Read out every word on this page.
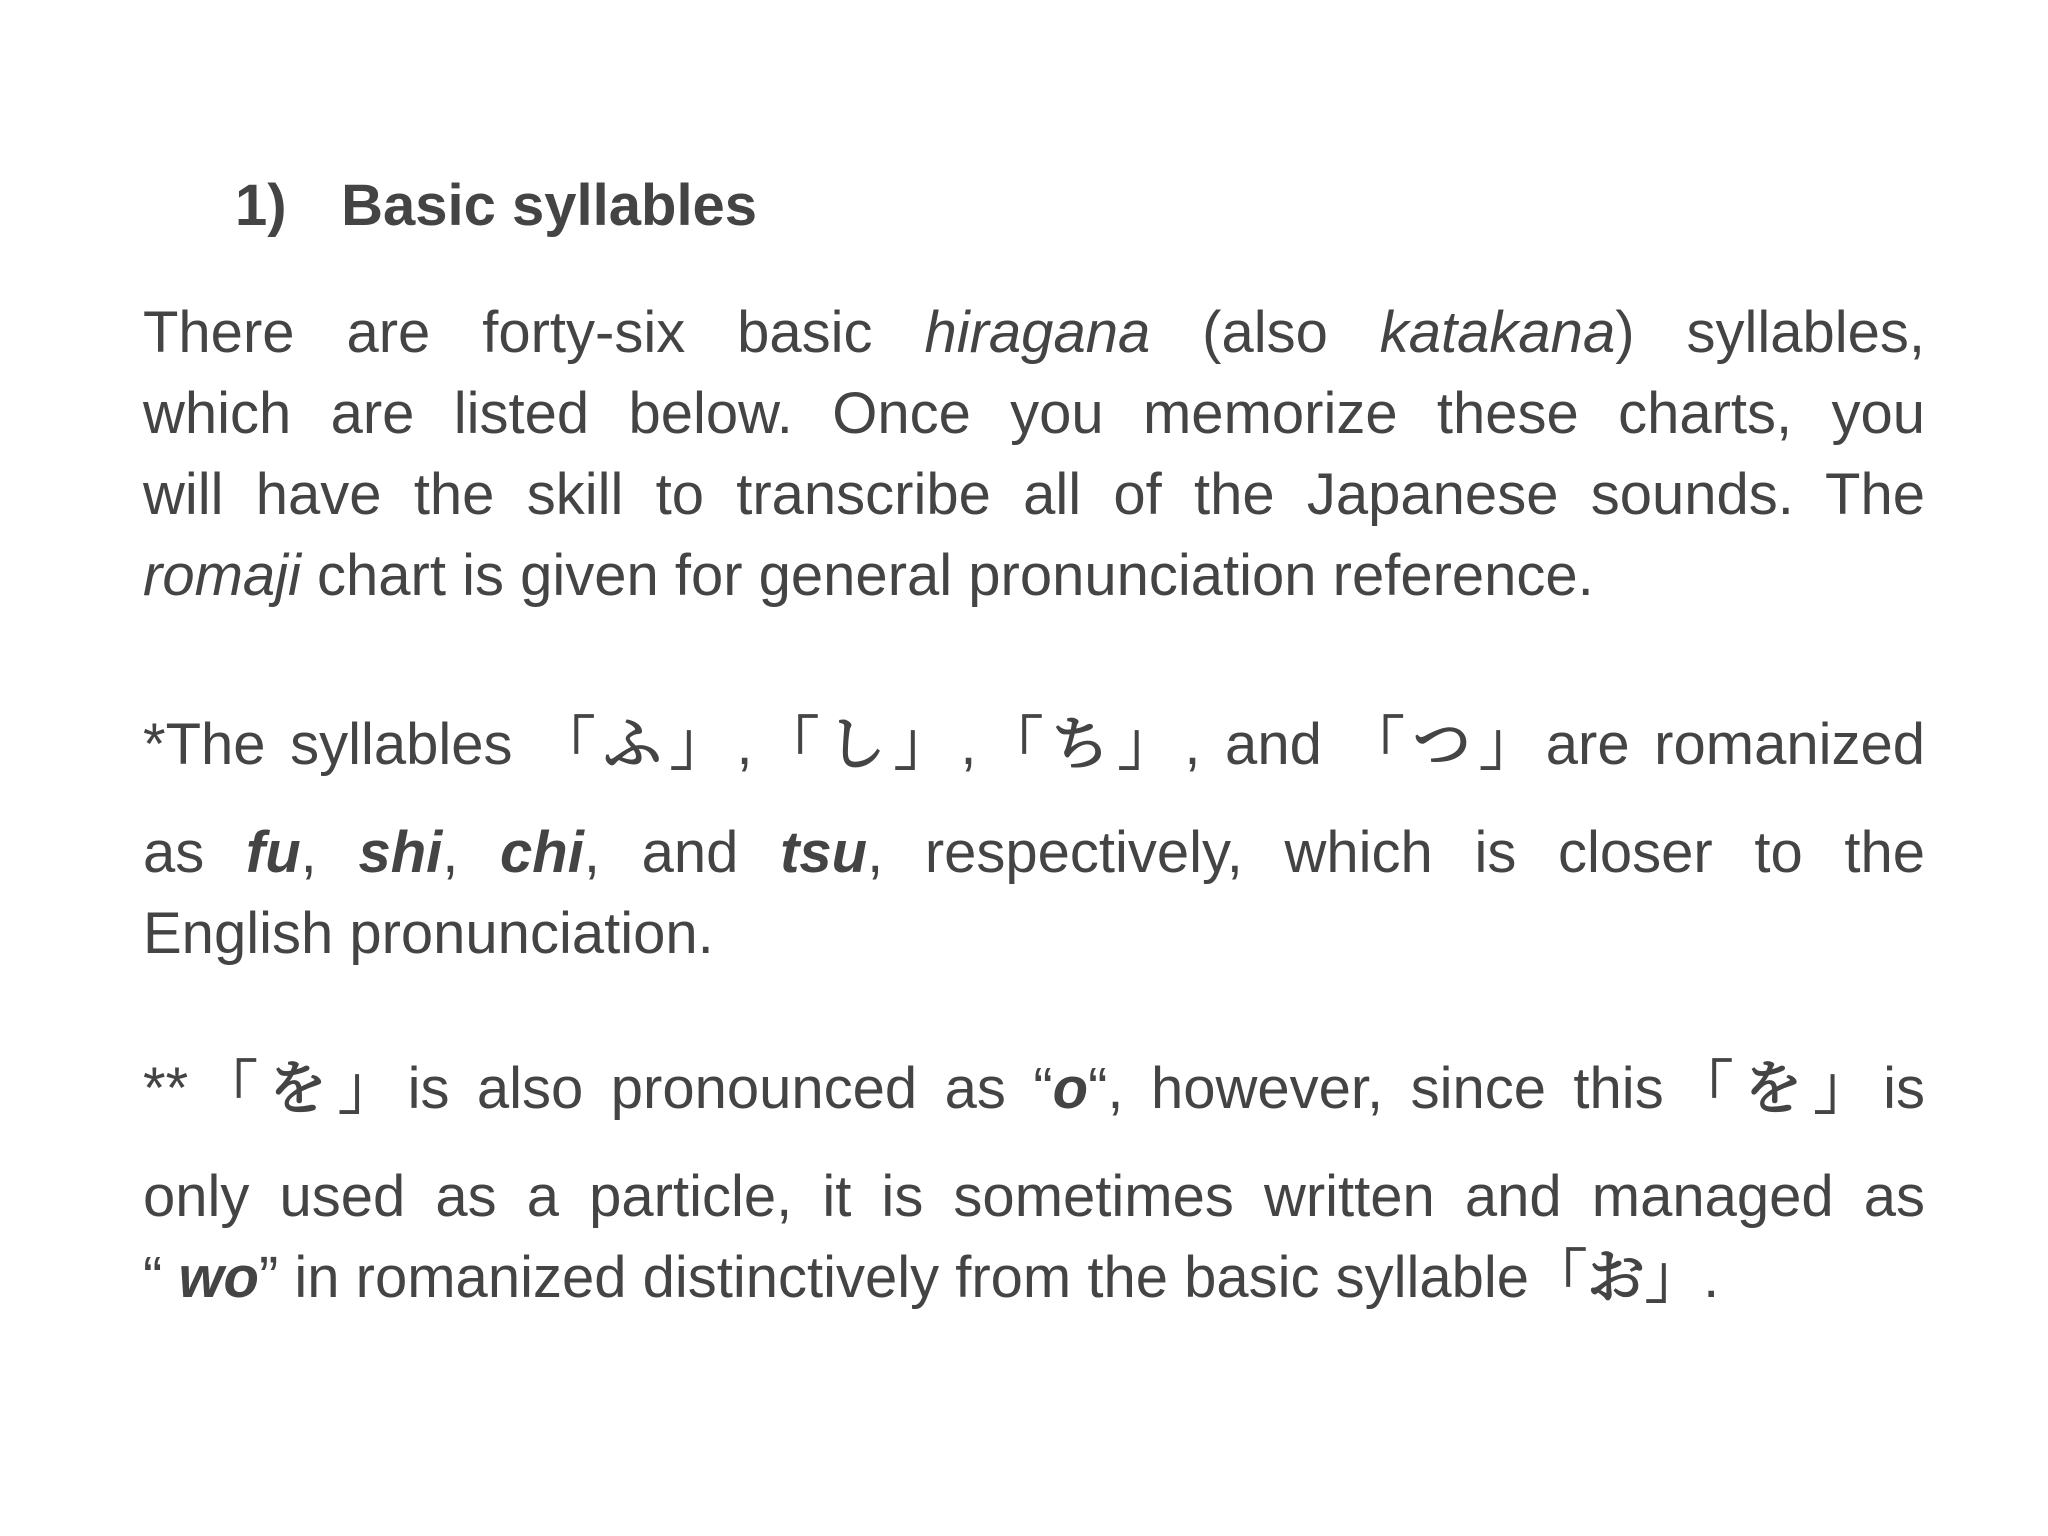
1) Basic syllables

There are forty-six basic hiragana (also katakana) syllables,
which are listed below. Once you memorize these charts, you
will have the skill to transcribe all of the Japanese sounds. The
romaji chart is given for general pronunciation reference.

*The syllables 「ふ」,「し」,「ち」, and 「つ」are romanized
as fu, shi, chi, and tsu, respectively, which is closer to the
English pronunciation.

**「を」is also pronounced as “o“, however, since this「を」is
only used as a particle, it is sometimes written and managed as
“ wo” in romanized distinctively from the basic syllable「お」.
